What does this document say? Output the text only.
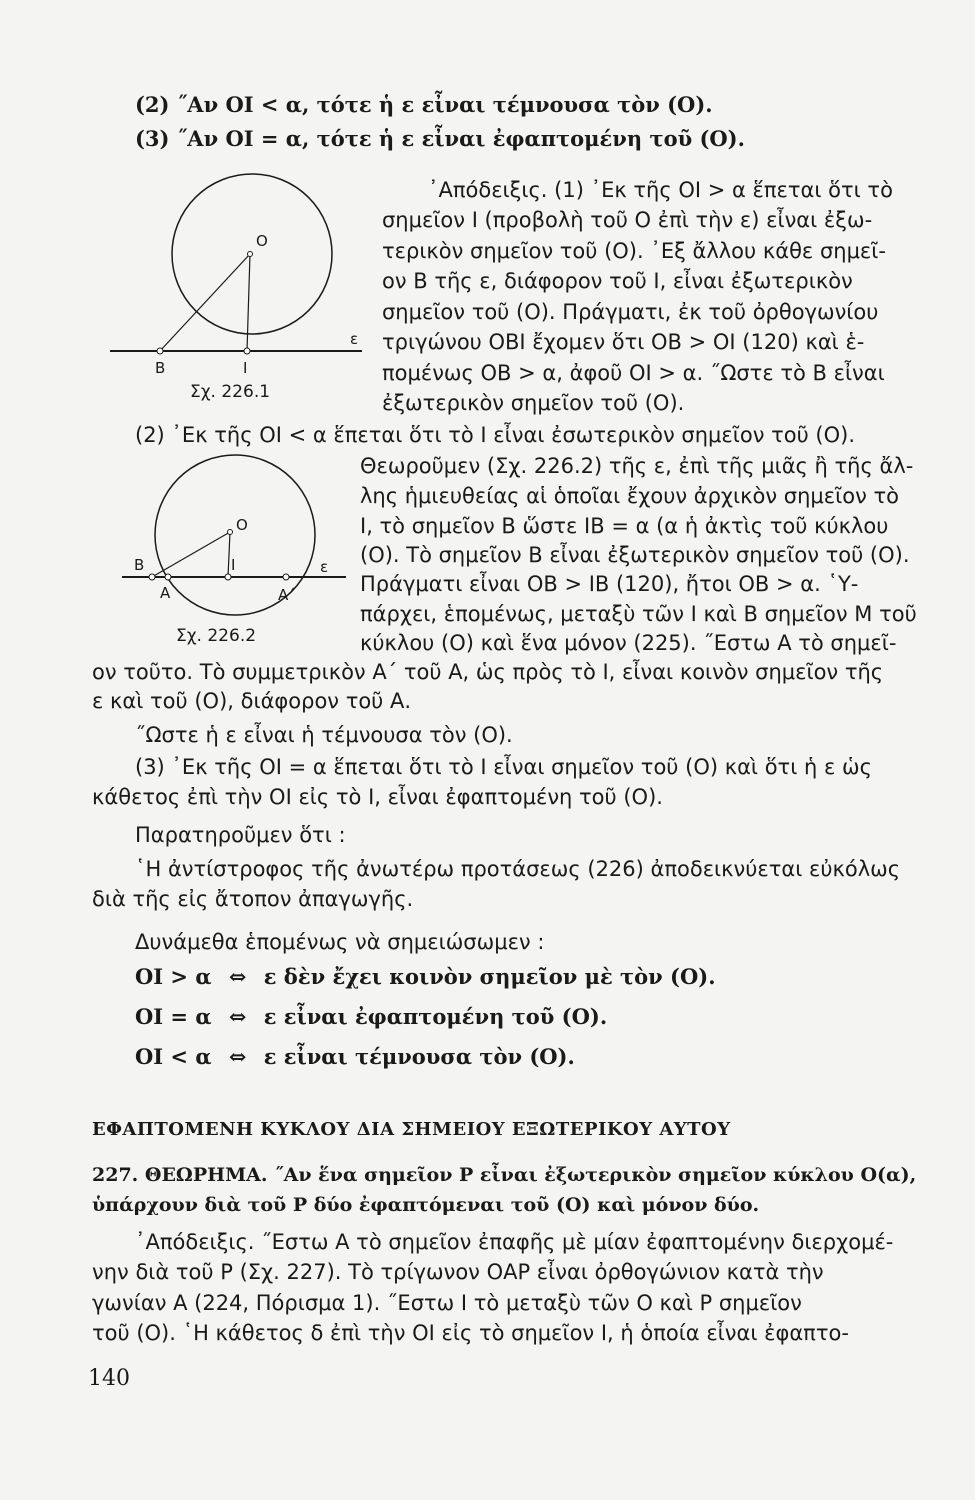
(2) ˝Αν ΟΙ < α, τότε ἡ ε εἶναι τέμνουσα τὸν (Ο).
(3) ˝Αν ΟΙ = α, τότε ἡ ε εἶναι ἐφαπτομένη τοῦ (Ο).
O
ε
B	I
Σχ. 226.1
᾿Απόδειξις. (1) ᾿Εκ τῆς ΟΙ > α ἕπεται ὅτι τὸ
σημεῖον Ι (προβολὴ τοῦ Ο ἐπὶ τὴν ε) εἶναι ἐξω-
τερικὸν σημεῖον τοῦ (Ο). ᾿Εξ ἄλλου κάθε σημεῖ-
ον Β τῆς ε, διάφορον τοῦ Ι, εἶναι ἐξωτερικὸν
σημεῖον τοῦ (Ο). Πράγματι, ἐκ τοῦ ὀρθογωνίου
τριγώνου ΟΒΙ ἔχομεν ὅτι ΟΒ > ΟΙ (120) καὶ ἑ-
πομένως ΟΒ > α, ἀφοῦ ΟΙ > α. ˝Ωστε τὸ Β εἶναι
ἐξωτερικὸν σημεῖον τοῦ (Ο).
(2) ᾿Εκ τῆς ΟΙ < α ἕπεται ὅτι τὸ Ι εἶναι ἐσωτερικὸν σημεῖον τοῦ (Ο).
O
ε
B	I
A	A΄
Σχ. 226.2
Θεωροῦμεν (Σχ. 226.2) τῆς ε, ἐπὶ τῆς μιᾶς ἢ τῆς ἄλ-
λης ἡμιευθείας αἱ ὁποῖαι ἔχουν ἀρχικὸν σημεῖον τὸ
Ι, τὸ σημεῖον Β ὥστε ΙΒ = α (α ἡ ἀκτὶς τοῦ κύκλου
(Ο). Τὸ σημεῖον Β εἶναι ἐξωτερικὸν σημεῖον τοῦ (Ο).
Πράγματι εἶναι ΟΒ > ΙΒ (120), ἤτοι ΟΒ > α. ῾Υ-
πάρχει, ἑπομένως, μεταξὺ τῶν Ι καὶ Β σημεῖον Μ τοῦ
κύκλου (Ο) καὶ ἕνα μόνον (225). ˝Εστω Α τὸ σημεῖ-
ον τοῦτο. Τὸ συμμετρικὸν Α΄ τοῦ Α, ὡς πρὸς τὸ Ι, εἶναι κοινὸν σημεῖον τῆς
ε καὶ τοῦ (Ο), διάφορον τοῦ Α.
˝Ωστε ἡ ε εἶναι ἡ τέμνουσα τὸν (Ο).
(3) ᾿Εκ τῆς ΟΙ = α ἕπεται ὅτι τὸ Ι εἶναι σημεῖον τοῦ (Ο) καὶ ὅτι ἡ ε ὡς
κάθετος ἐπὶ τὴν ΟΙ εἰς τὸ Ι, εἶναι ἐφαπτομένη τοῦ (Ο).
Παρατηροῦμεν ὅτι :
῾Η ἀντίστροφος τῆς ἀνωτέρω προτάσεως (226) ἀποδεικνύεται εὐκόλως
διὰ τῆς εἰς ἄτοπον ἀπαγωγῆς.
Δυνάμεθα ἑπομένως νὰ σημειώσωμεν :
ΟΙ > α ⇔ ε δὲν ἔχει κοινὸν σημεῖον μὲ τὸν (Ο).
ΟΙ = α ⇔ ε εἶναι ἐφαπτομένη τοῦ (Ο).
ΟΙ < α ⇔ ε εἶναι τέμνουσα τὸν (Ο).
ΕΦΑΠΤΟΜΕΝΗ ΚΥΚΛΟΥ ΔΙΑ ΣΗΜΕΙΟΥ ΕΞΩΤΕΡΙΚΟΥ ΑΥΤΟΥ
227. ΘΕΩΡΗΜΑ. ˝Αν ἕνα σημεῖον Ρ εἶναι ἐξωτερικὸν σημεῖον κύκλου Ο(α),
ὑπάρχουν διὰ τοῦ Ρ δύο ἐφαπτόμεναι τοῦ (Ο) καὶ μόνον δύο.
᾿Απόδειξις. ˝Εστω Α τὸ σημεῖον ἐπαφῆς μὲ μίαν ἐφαπτομένην διερχομέ-
νην διὰ τοῦ Ρ (Σχ. 227). Τὸ τρίγωνον ΟΑΡ εἶναι ὀρθογώνιον κατὰ τὴν
γωνίαν Α (224, Πόρισμα 1). ˝Εστω Ι τὸ μεταξὺ τῶν Ο καὶ Ρ σημεῖον
τοῦ (Ο). ῾Η κάθετος δ ἐπὶ τὴν ΟΙ εἰς τὸ σημεῖον Ι, ἡ ὁποία εἶναι ἐφαπτο-
140
